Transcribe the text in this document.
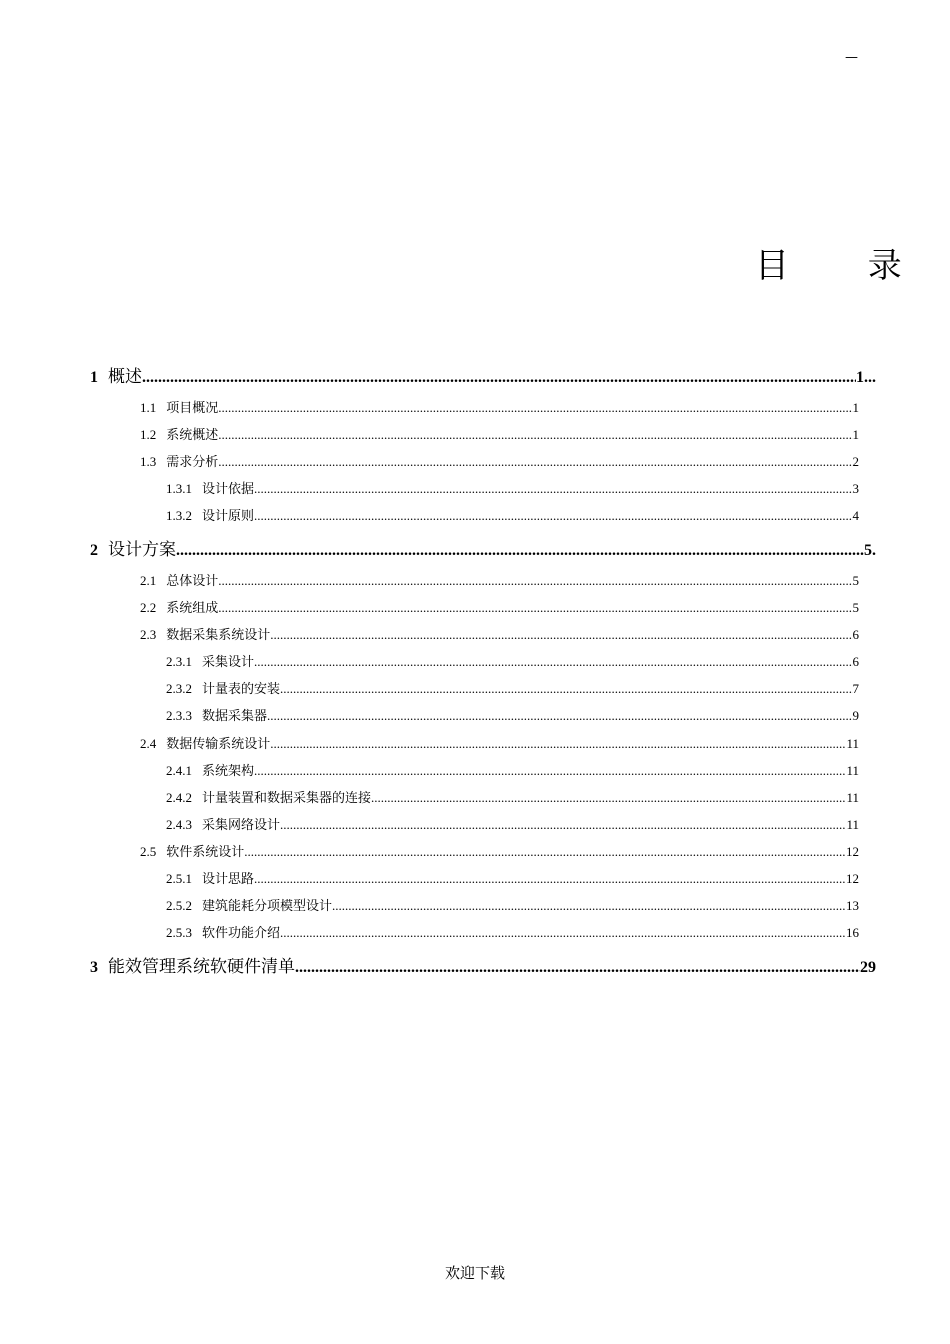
—
目 录
1 概述 .....	1...
1.1 项目概况 .....	1
1.2 系统概述 .....	1
1.3 需求分析 .....	2
1.3.1 设计依据 .....	3
1.3.2 设计原则 .....	4
2 设计方案 .....	5.
2.1 总体设计 .....	5
2.2 系统组成 .....	5
2.3 数据采集系统设计 .....	6
2.3.1 采集设计 .....	6
2.3.2 计量表的安装 .....	7
2.3.3 数据采集器 .....	9
2.4 数据传输系统设计 .....	11
2.4.1 系统架构 .....	11
2.4.2 计量装置和数据采集器的连接 .....	11
2.4.3 采集网络设计 .....	11
2.5 软件系统设计 .....	12
2.5.1 设计思路 .....	12
2.5.2 建筑能耗分项模型设计 .....	13
2.5.3 软件功能介绍 .....	16
3 能效管理系统软硬件清单 .....	29
欢迎下载
